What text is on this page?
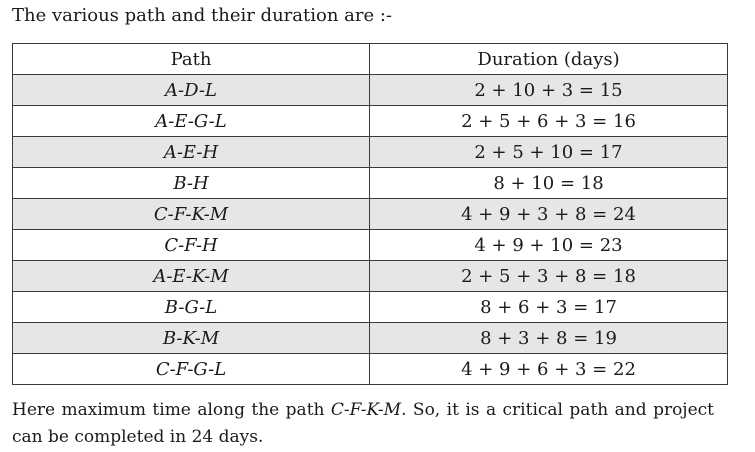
The various path and their duration are :-
Path	Duration (days)
A-D-L	2 + 10 + 3 = 15
A-E-G-L	2 + 5 + 6 + 3 = 16
A-E-H	2 + 5 + 10 = 17
B-H	8 + 10 = 18
C-F-K-M	4 + 9 + 3 + 8 = 24
C-F-H	4 + 9 + 10 = 23
A-E-K-M	2 + 5 + 3 + 8 = 18
B-G-L	8 + 6 + 3 = 17
B-K-M	8 + 3 + 8 = 19
C-F-G-L	4 + 9 + 6 + 3 = 22
Here maximum time along the path C-F-K-M. So, it is a critical path and project can be completed in 24 days.
